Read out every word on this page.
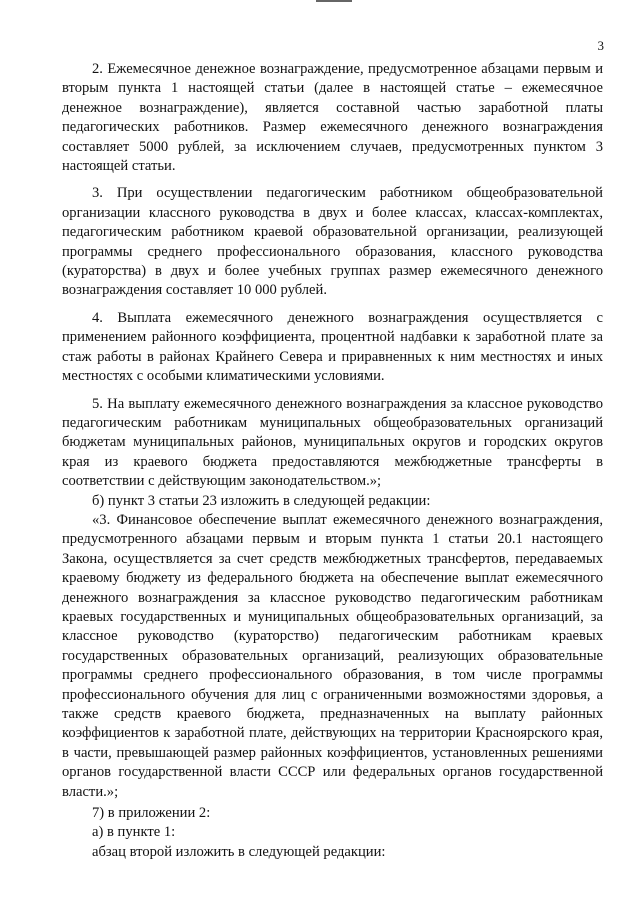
3

2. Ежемесячное денежное вознаграждение, предусмотренное абзацами первым и вторым пункта 1 настоящей статьи (далее в настоящей статье – ежемесячное денежное вознаграждение), является составной частью заработной платы педагогических работников. Размер ежемесячного денежного вознаграждения составляет 5000 рублей, за исключением случаев, предусмотренных пунктом 3 настоящей статьи.

3. При осуществлении педагогическим работником общеобразовательной организации классного руководства в двух и более классах, классах-комплектах, педагогическим работником краевой образовательной организации, реализующей программы среднего профессионального образования, классного руководства (кураторства) в двух и более учебных группах размер ежемесячного денежного вознаграждения составляет 10 000 рублей.

4. Выплата ежемесячного денежного вознаграждения осуществляется с применением районного коэффициента, процентной надбавки к заработной плате за стаж работы в районах Крайнего Севера и приравненных к ним местностях и иных местностях с особыми климатическими условиями.

5. На выплату ежемесячного денежного вознаграждения за классное руководство педагогическим работникам муниципальных общеобразовательных организаций бюджетам муниципальных районов, муниципальных округов и городских округов края из краевого бюджета предоставляются межбюджетные трансферты в соответствии с действующим законодательством.»;

б) пункт 3 статьи 23 изложить в следующей редакции:

«3. Финансовое обеспечение выплат ежемесячного денежного вознаграждения, предусмотренного абзацами первым и вторым пункта 1 статьи 20.1 настоящего Закона, осуществляется за счет средств межбюджетных трансфертов, передаваемых краевому бюджету из федерального бюджета на обеспечение выплат ежемесячного денежного вознаграждения за классное руководство педагогическим работникам краевых государственных и муниципальных общеобразовательных организаций, за классное руководство (кураторство) педагогическим работникам краевых государственных образовательных организаций, реализующих образовательные программы среднего профессионального образования, в том числе программы профессионального обучения для лиц с ограниченными возможностями здоровья, а также средств краевого бюджета, предназначенных на выплату районных коэффициентов к заработной плате, действующих на территории Красноярского края, в части, превышающей размер районных коэффициентов, установленных решениями органов государственной власти СССР или федеральных органов государственной власти.»;

7) в приложении 2:

а) в пункте 1:

абзац второй изложить в следующей редакции:
